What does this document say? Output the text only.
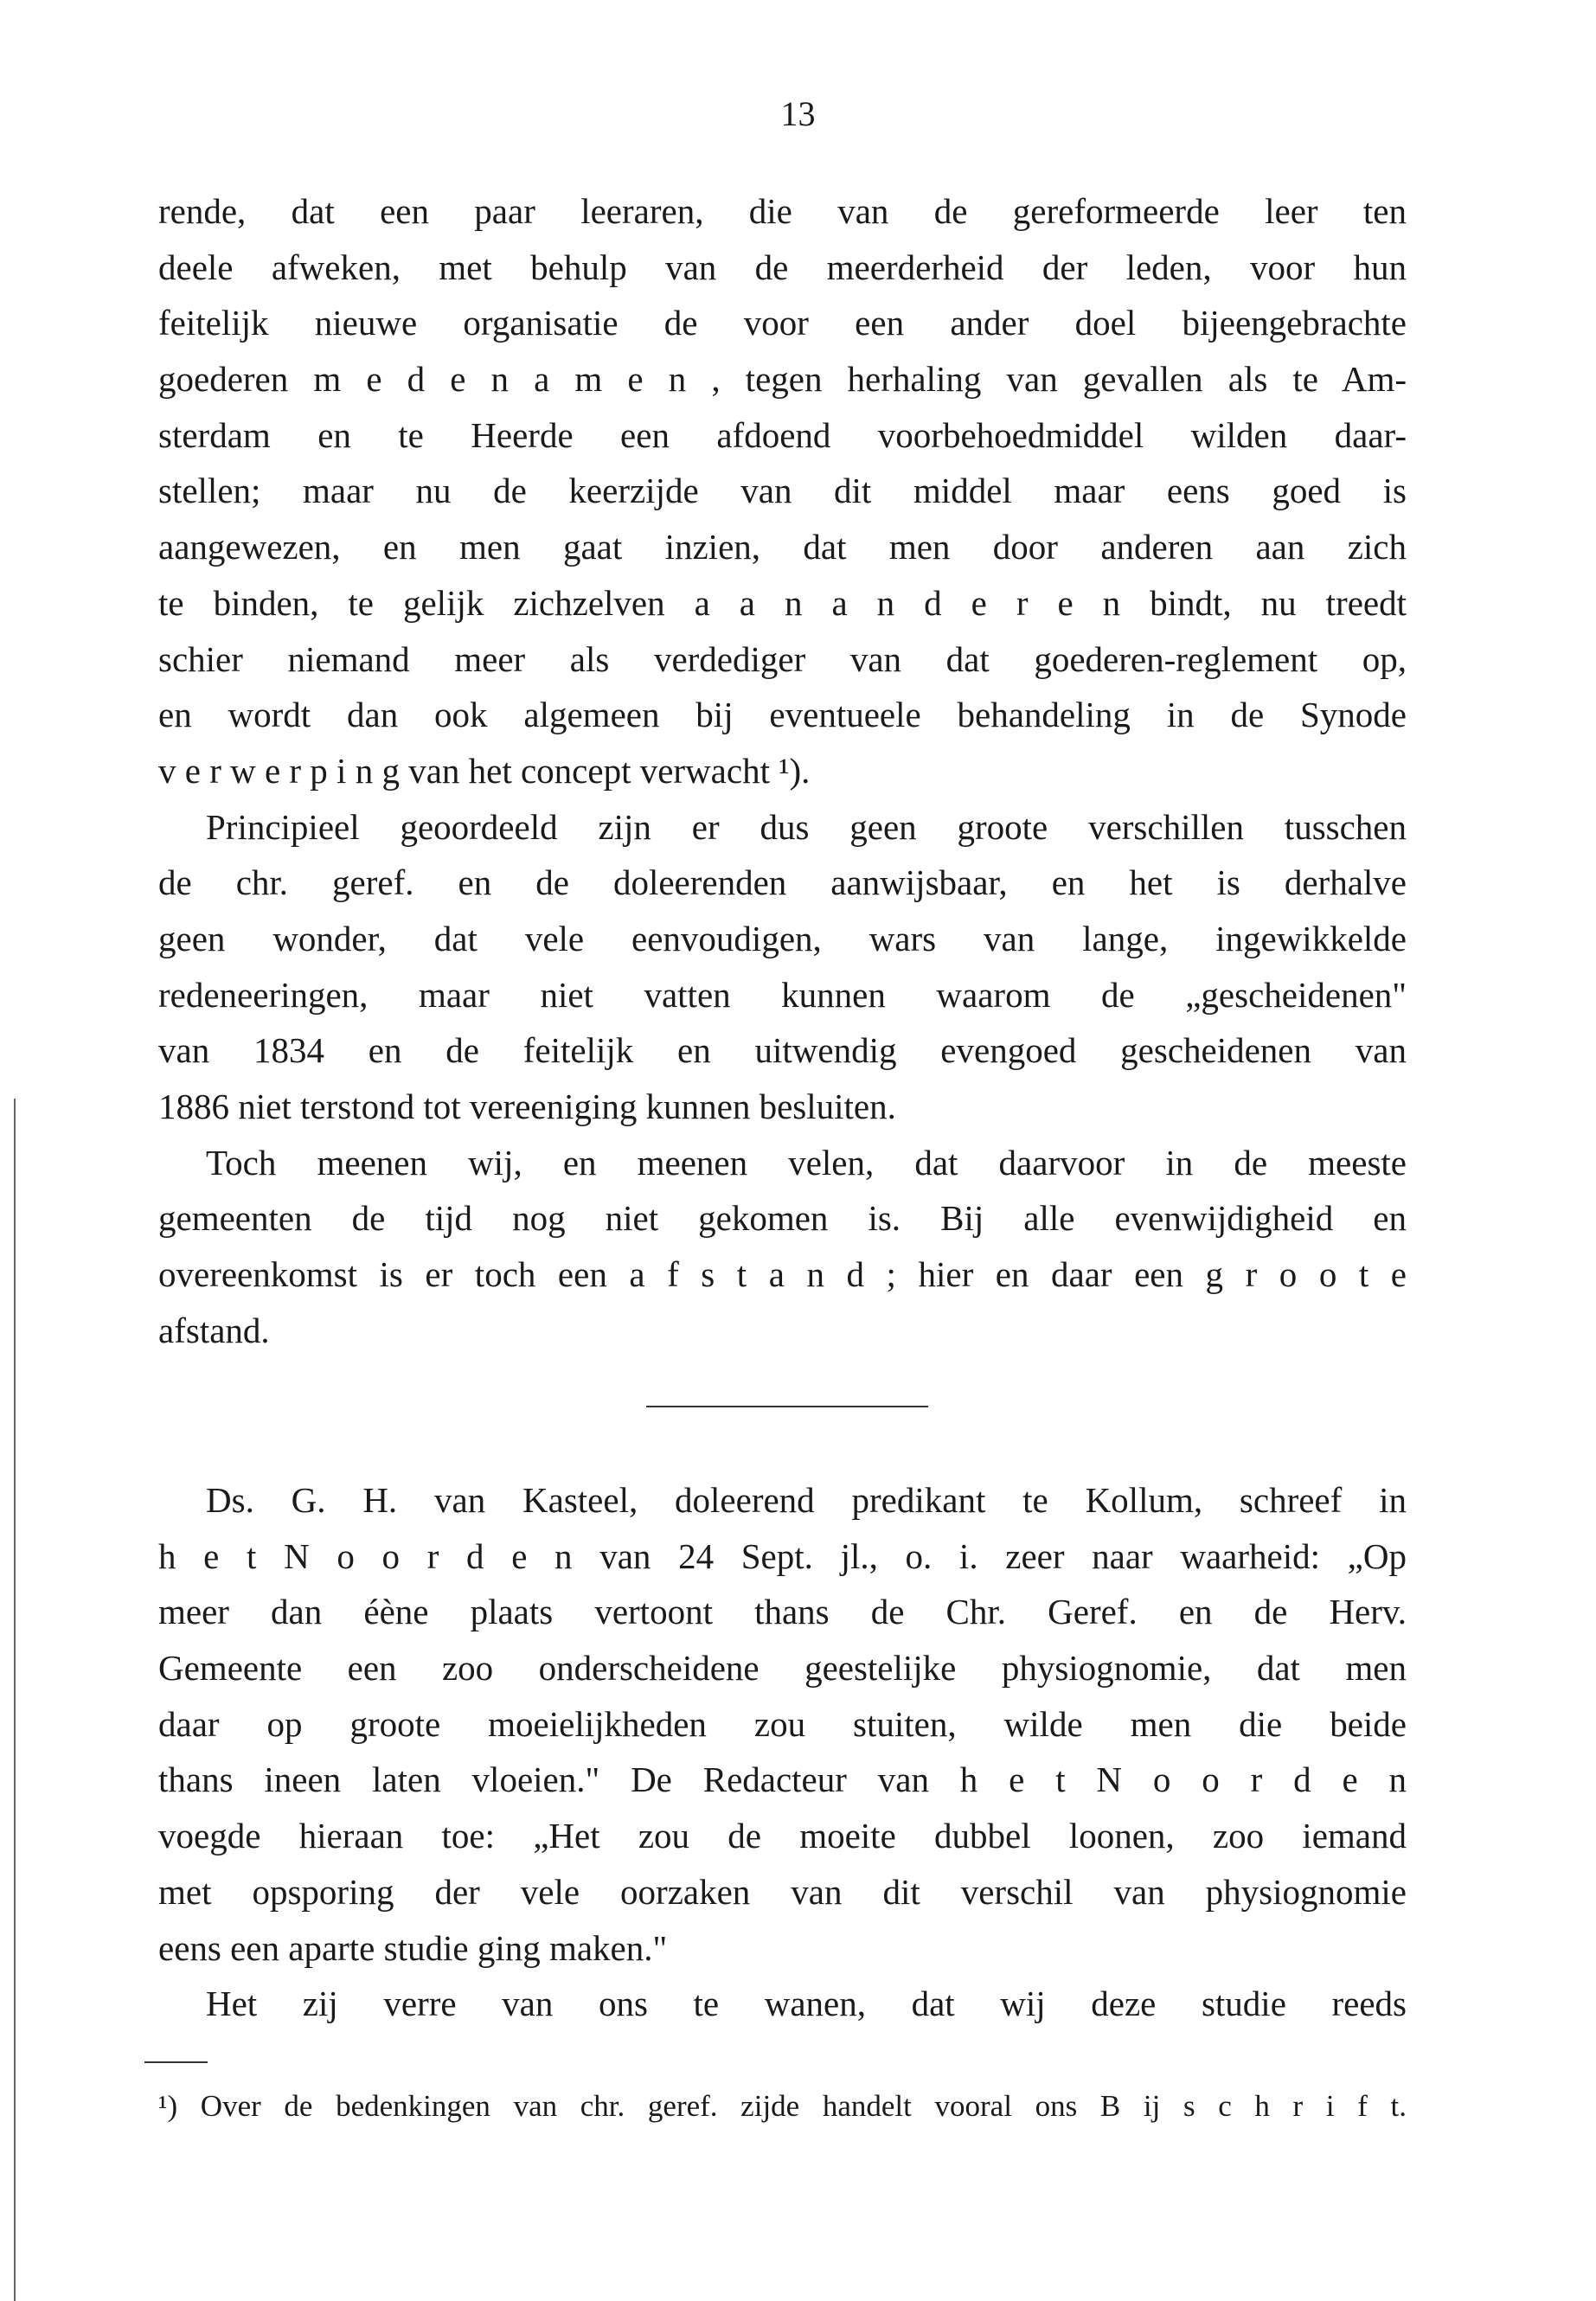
13
rende, dat een paar leeraren, die van de gereformeerde leer ten
deele afweken, met behulp van de meerderheid der leden, voor hun
feitelijk nieuwe organisatie de voor een ander doel bijeengebrachte
goederen m e d e n a m e n , tegen herhaling van gevallen als te Am-
sterdam en te Heerde een afdoend voorbehoedmiddel wilden daar-
stellen; maar nu de keerzijde van dit middel maar eens goed is
aangewezen, en men gaat inzien, dat men door anderen aan zich
te binden, te gelijk zichzelven a a n a n d e r e n bindt, nu treedt
schier niemand meer als verdediger van dat goederen-reglement op,
en wordt dan ook algemeen bij eventueele behandeling in de Synode
v e r w e r p i n g van het concept verwacht ¹).
Principieel geoordeeld zijn er dus geen groote verschillen tusschen
de chr. geref. en de doleerenden aanwijsbaar, en het is derhalve
geen wonder, dat vele eenvoudigen, wars van lange, ingewikkelde
redeneeringen, maar niet vatten kunnen waarom de „gescheidenen"
van 1834 en de feitelijk en uitwendig evengoed gescheidenen van
1886 niet terstond tot vereeniging kunnen besluiten.
Toch meenen wij, en meenen velen, dat daarvoor in de meeste
gemeenten de tijd nog niet gekomen is. Bij alle evenwijdigheid en
overeenkomst is er toch een a f s t a n d ; hier en daar een g r o o t e
afstand.
Ds. G. H. van Kasteel, doleerend predikant te Kollum, schreef in
h e t N o o r d e n van 24 Sept. jl., o. i. zeer naar waarheid: „Op
meer dan éène plaats vertoont thans de Chr. Geref. en de Herv.
Gemeente een zoo onderscheidene geestelijke physiognomie, dat men
daar op groote moeielijkheden zou stuiten, wilde men die beide
thans ineen laten vloeien." De Redacteur van h e t N o o r d e n
voegde hieraan toe: „Het zou de moeite dubbel loonen, zoo iemand
met opsporing der vele oorzaken van dit verschil van physiognomie
eens een aparte studie ging maken."
Het zij verre van ons te wanen, dat wij deze studie reeds
¹) Over de bedenkingen van chr. geref. zijde handelt vooral ons B ij s c h r i f t.
